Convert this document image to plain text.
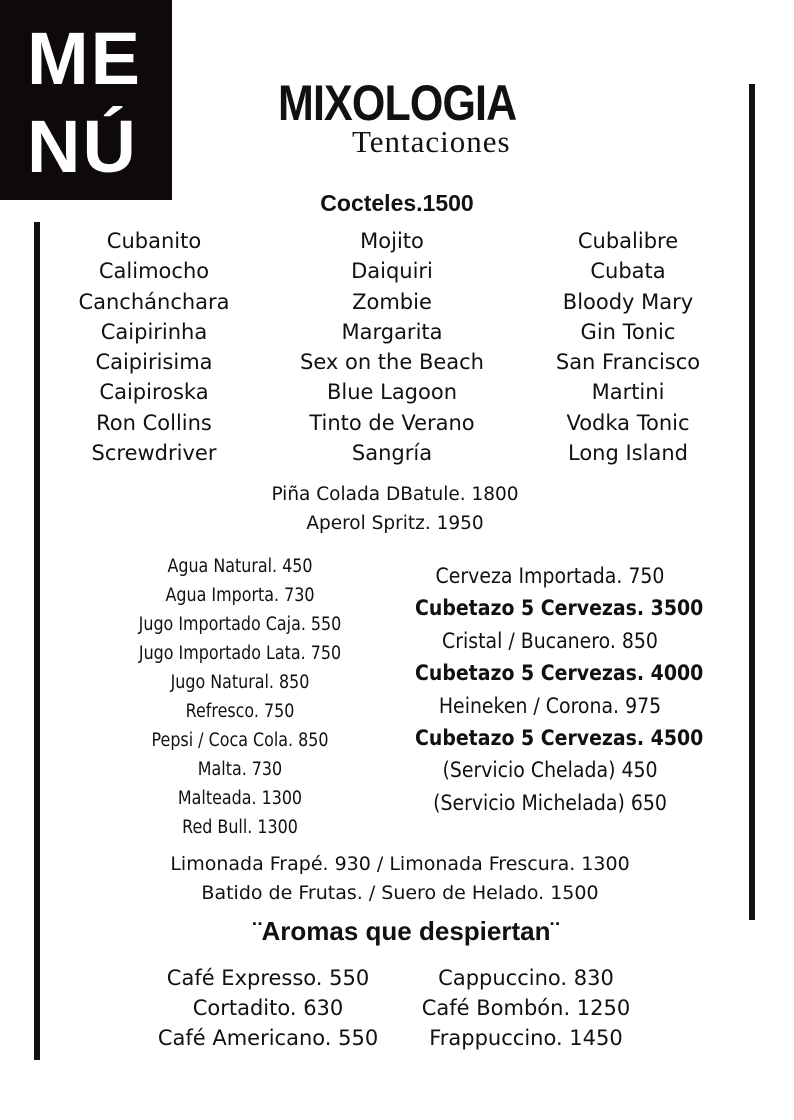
ME
NÚ
MIXOLOGIA
Tentaciones
Cocteles.1500
Cubanito
Calimocho
Canchánchara
Caipirinha
Caipirisima
Caipiroska
Ron Collins
Screwdriver
Mojito
Daiquiri
Zombie
Margarita
Sex on the Beach
Blue Lagoon
Tinto de Verano
Sangría
Cubalibre
Cubata
Bloody Mary
Gin Tonic
San Francisco
Martini
Vodka Tonic
Long Island
Piña Colada DBatule. 1800
Aperol Spritz. 1950
Agua Natural. 450
Agua Importa. 730
Jugo Importado Caja. 550
Jugo Importado Lata. 750
Jugo Natural. 850
Refresco. 750
Pepsi / Coca Cola. 850
Malta. 730
Malteada. 1300
Red Bull. 1300
Cerveza Importada. 750
Cubetazo 5 Cervezas. 3500
Cristal / Bucanero. 850
Cubetazo 5 Cervezas. 4000
Heineken / Corona. 975
Cubetazo 5 Cervezas. 4500
(Servicio Chelada) 450
(Servicio Michelada) 650
Limonada Frapé. 930 / Limonada Frescura. 1300
Batido de Frutas. / Suero de Helado. 1500
¨Aromas que despiertan¨
Café Expresso. 550
Cortadito. 630
Café Americano. 550
Cappuccino. 830
Café Bombón. 1250
Frappuccino. 1450
